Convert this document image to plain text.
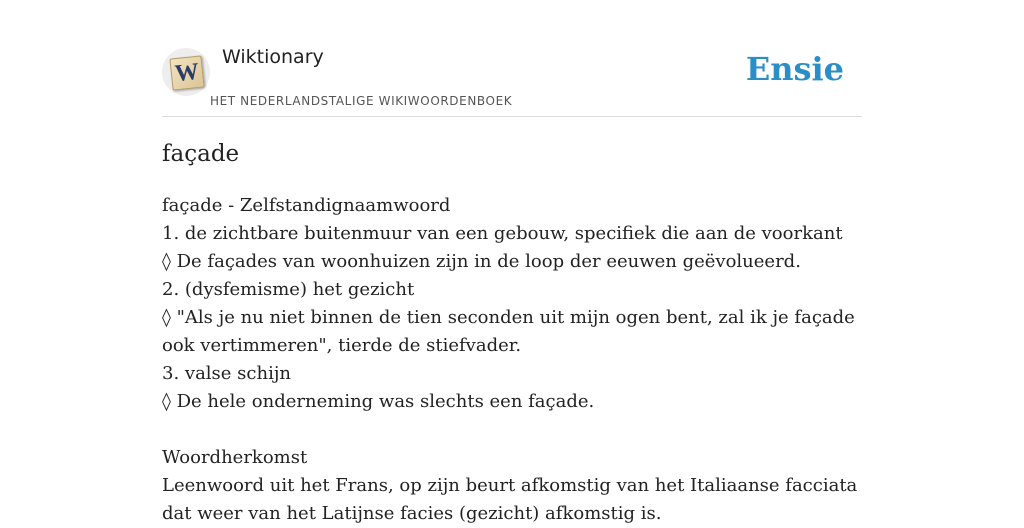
W
Wiktionary
HET NEDERLANDSTALIGE WIKIWOORDENBOEK
Ensie
façade
façade - Zelfstandignaamwoord
1. de zichtbare buitenmuur van een gebouw, specifiek die aan de voorkant
◊ De façades van woonhuizen zijn in de loop der eeuwen geëvolueerd.
2. (dysfemisme) het gezicht
◊ "Als je nu niet binnen de tien seconden uit mijn ogen bent, zal ik je façade ook vertimmeren", tierde de stiefvader.
3. valse schijn
◊ De hele onderneming was slechts een façade.
Woordherkomst
Leenwoord uit het Frans, op zijn beurt afkomstig van het Italiaanse facciata dat weer van het Latijnse facies (gezicht) afkomstig is.
